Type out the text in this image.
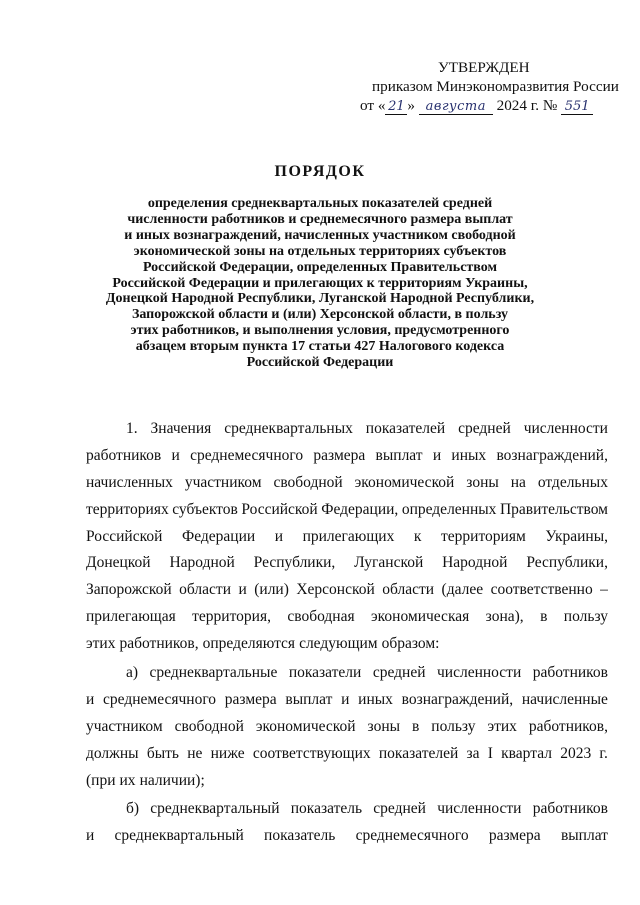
УТВЕРЖДЕН
приказом Минэкономразвития России
от « 21 » августа 2024 г. № 551
ПОРЯДОК
определения среднеквартальных показателей средней
численности работников и среднемесячного размера выплат
и иных вознаграждений, начисленных участником свободной
экономической зоны на отдельных территориях субъектов
Российской Федерации, определенных Правительством
Российской Федерации и прилегающих к территориям Украины,
Донецкой Народной Республики, Луганской Народной Республики,
Запорожской области и (или) Херсонской области, в пользу
этих работников, и выполнения условия, предусмотренного
абзацем вторым пункта 17 статьи 427 Налогового кодекса
Российской Федерации
1. Значения среднеквартальных показателей средней численности
работников и среднемесячного размера выплат и иных вознаграждений,
начисленных участником свободной экономической зоны на отдельных
территориях субъектов Российской Федерации, определенных Правительством
Российской Федерации и прилегающих к территориям Украины,
Донецкой Народной Республики, Луганской Народной Республики,
Запорожской области и (или) Херсонской области (далее соответственно –
прилегающая территория, свободная экономическая зона), в пользу
этих работников, определяются следующим образом:
а) среднеквартальные показатели средней численности работников
и среднемесячного размера выплат и иных вознаграждений, начисленные
участником свободной экономической зоны в пользу этих работников,
должны быть не ниже соответствующих показателей за I квартал 2023 г.
(при их наличии);
б) среднеквартальный показатель средней численности работников
и среднеквартальный показатель среднемесячного размера выплат
